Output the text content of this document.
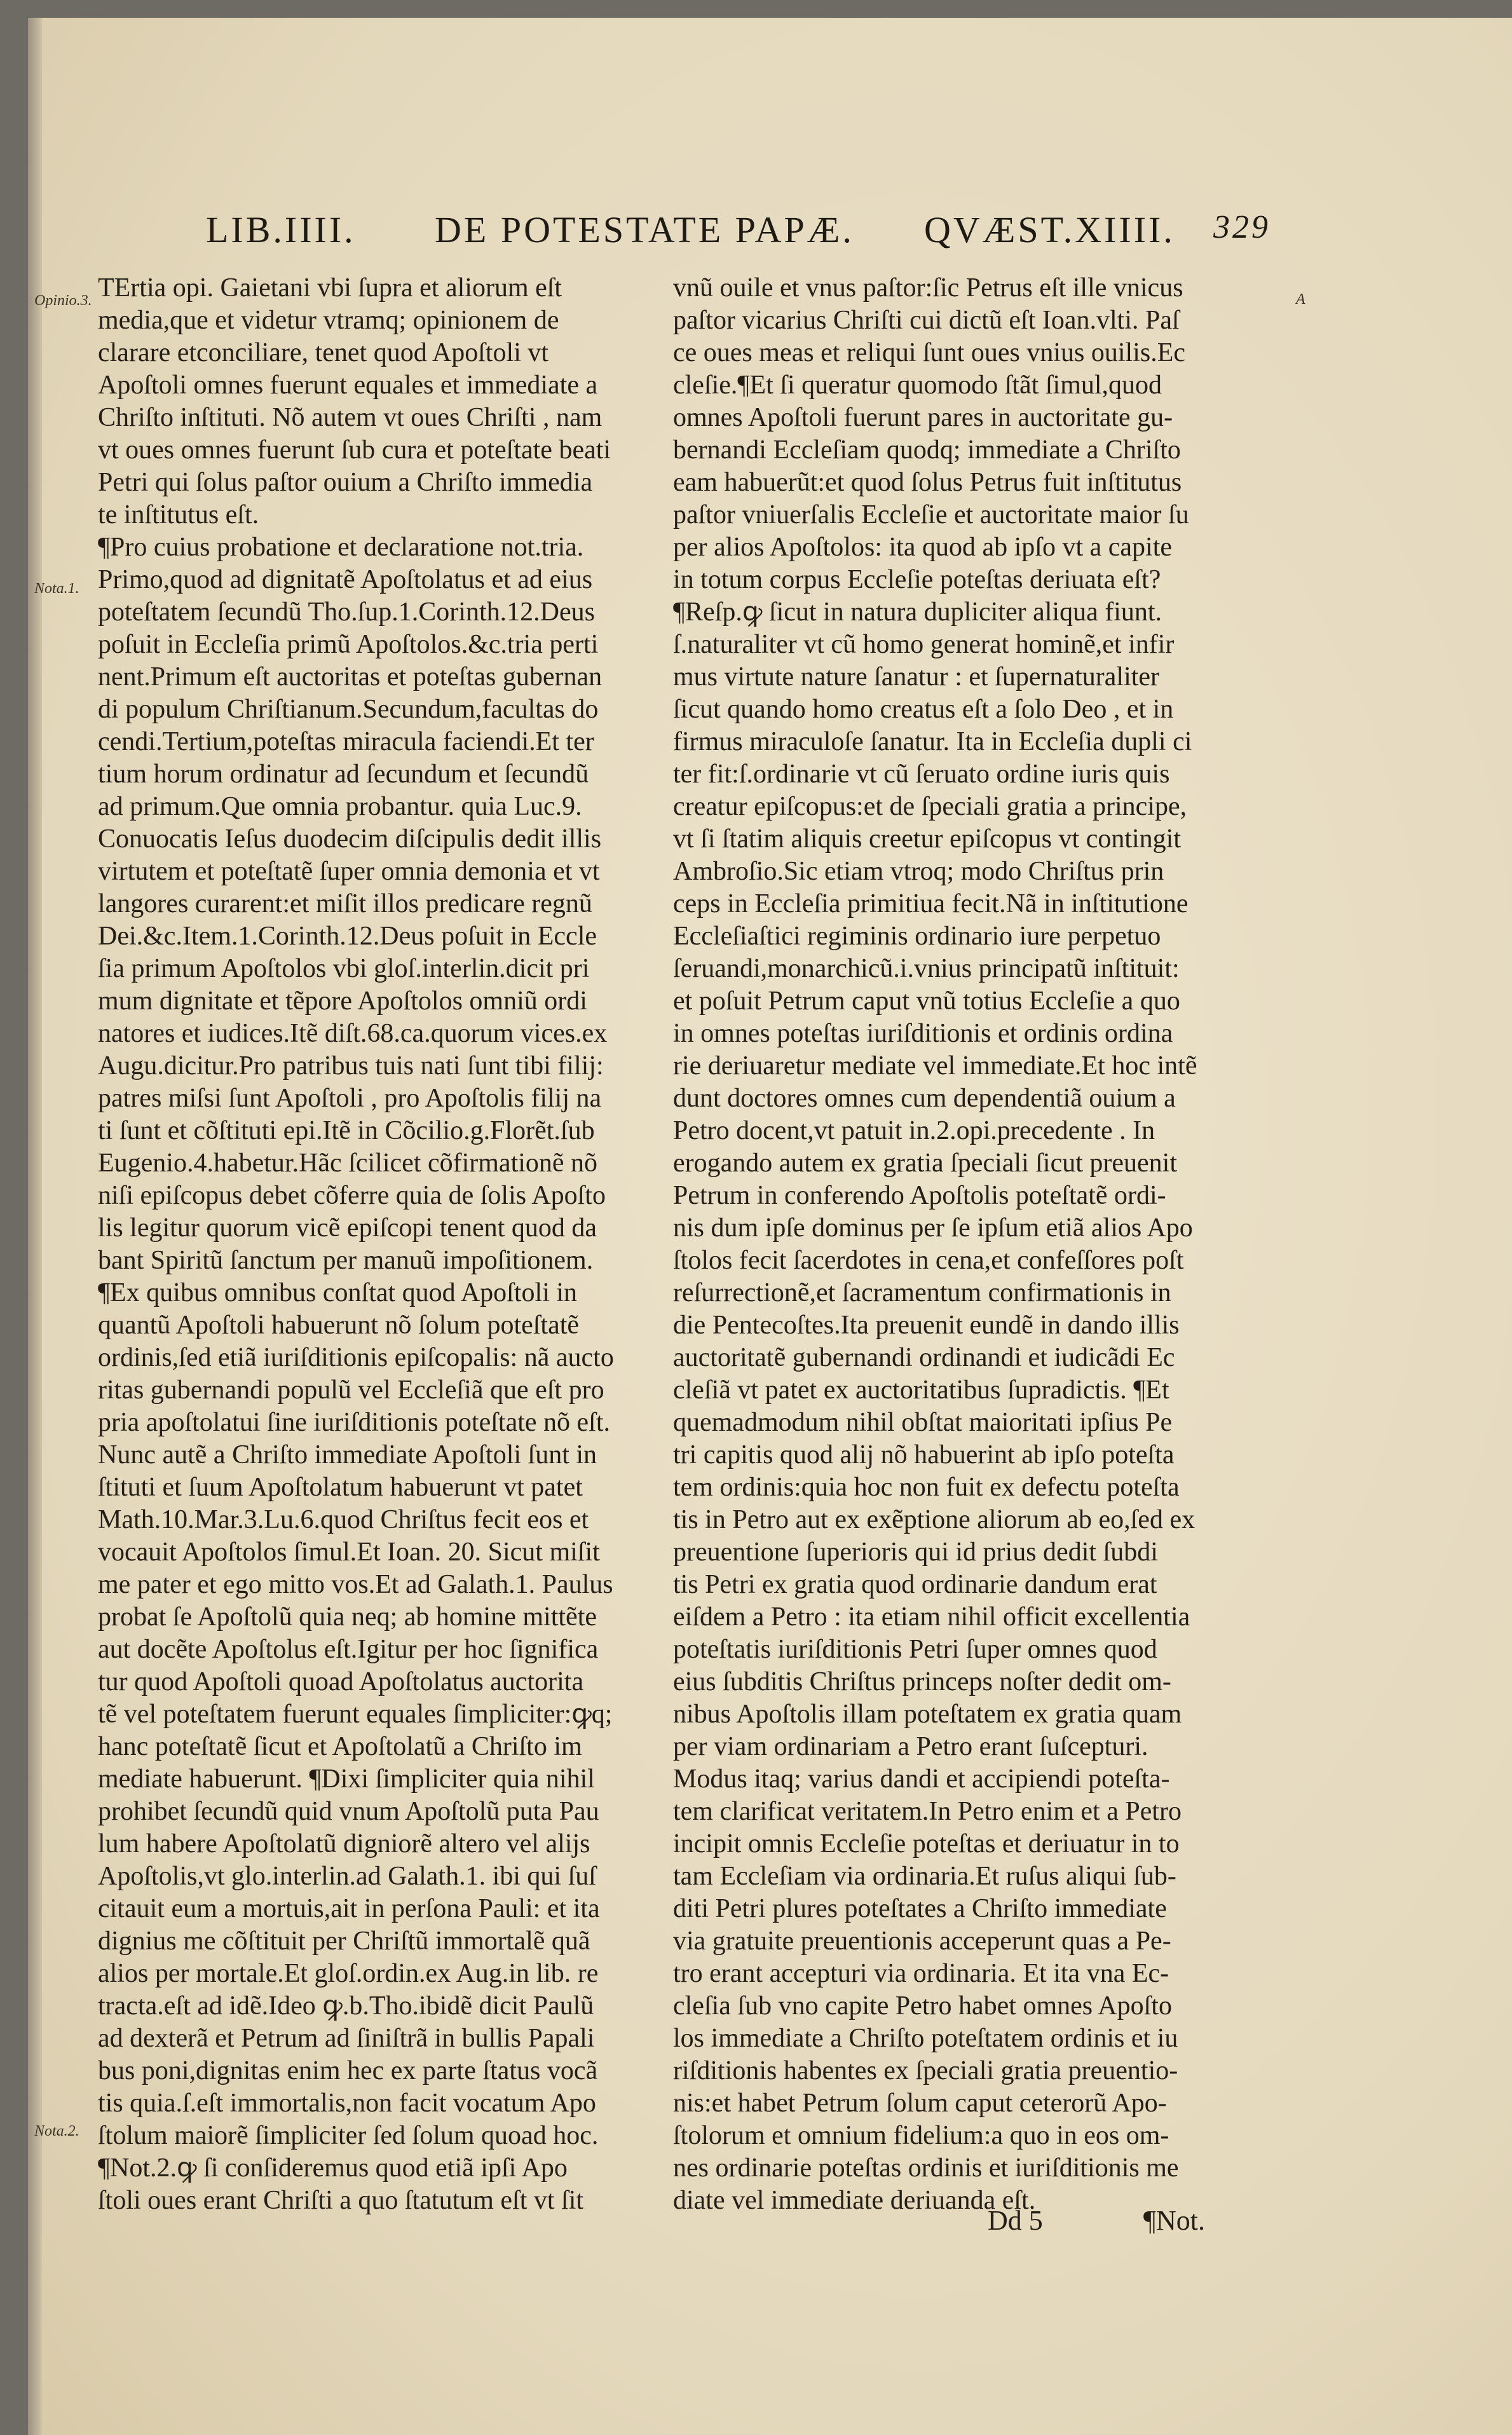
LIB.IIII. DE POTESTATE PAPÆ. QVÆST.XIIII. 329
Opinio.3.
Nota.1.
Nota.2.
A
TErtia opi. Gaietani vbi ſupra et aliorum eſt
media,que et videtur vtramq; opinionem de
clarare etconciliare, tenet quod Apoſtoli vt
Apoſtoli omnes fuerunt equales et immediate a
Chriſto inſtituti. Nõ autem vt oues Chriſti , nam
vt oues omnes fuerunt ſub cura et poteſtate beati
Petri qui ſolus paſtor ouium a Chriſto immedia
te inſtitutus eſt.
¶Pro cuius probatione et declaratione not.tria.
Primo,quod ad dignitatẽ Apoſtolatus et ad eius
poteſtatem ſecundũ Tho.ſup.1.Corinth.12.Deus
poſuit in Eccleſia primũ Apoſtolos.&c.tria perti
nent.Primum eſt auctoritas et poteſtas gubernan
di populum Chriſtianum.Secundum,facultas do
cendi.Tertium,poteſtas miracula faciendi.Et ter
tium horum ordinatur ad ſecundum et ſecundũ
ad primum.Que omnia probantur. quia Luc.9.
Conuocatis Ieſus duodecim diſcipulis dedit illis
virtutem et poteſtatẽ ſuper omnia demonia et vt
langores curarent:et miſit illos predicare regnũ
Dei.&c.Item.1.Corinth.12.Deus poſuit in Eccle
ſia primum Apoſtolos vbi gloſ.interlin.dicit pri
mum dignitate et tẽpore Apoſtolos omniũ ordi
natores et iudices.Itẽ diſt.68.ca.quorum vices.ex
Augu.dicitur.Pro patribus tuis nati ſunt tibi filij:
patres miſsi ſunt Apoſtoli , pro Apoſtolis filij na
ti ſunt et cõſtituti epi.Itẽ in Cõcilio.g.Florẽt.ſub
Eugenio.4.habetur.Hãc ſcilicet cõfirmationẽ nõ
niſi epiſcopus debet cõferre quia de ſolis Apoſto
lis legitur quorum vicẽ epiſcopi tenent quod da
bant Spiritũ ſanctum per manuũ impoſitionem.
¶Ex quibus omnibus conſtat quod Apoſtoli in
quantũ Apoſtoli habuerunt nõ ſolum poteſtatẽ
ordinis,ſed etiã iuriſditionis epiſcopalis: nã aucto
ritas gubernandi populũ vel Eccleſiã que eſt pro
pria apoſtolatui ſine iuriſditionis poteſtate nõ eſt.
Nunc autẽ a Chriſto immediate Apoſtoli ſunt in
ſtituti et ſuum Apoſtolatum habuerunt vt patet
Math.10.Mar.3.Lu.6.quod Chriſtus fecit eos et
vocauit Apoſtolos ſimul.Et Ioan. 20. Sicut miſit
me pater et ego mitto vos.Et ad Galath.1. Paulus
probat ſe Apoſtolũ quia neq; ab homine mittẽte
aut docẽte Apoſtolus eſt.Igitur per hoc ſignifica
tur quod Apoſtoli quoad Apoſtolatus auctorita
tẽ vel poteſtatem fuerunt equales ſimpliciter:ꝙq;
hanc poteſtatẽ ſicut et Apoſtolatũ a Chriſto im
mediate habuerunt. ¶Dixi ſimpliciter quia nihil
prohibet ſecundũ quid vnum Apoſtolũ puta Pau
lum habere Apoſtolatũ digniorẽ altero vel alijs
Apoſtolis,vt glo.interlin.ad Galath.1. ibi qui ſuſ
citauit eum a mortuis,ait in perſona Pauli: et ita
dignius me cõſtituit per Chriſtũ immortalẽ quã
alios per mortale.Et gloſ.ordin.ex Aug.in lib. re
tracta.eſt ad idẽ.Ideo ꝙ.b.Tho.ibidẽ dicit Paulũ
ad dexterã et Petrum ad ſiniſtrã in bullis Papali
bus poni,dignitas enim hec ex parte ſtatus vocã
tis quia.ſ.eſt immortalis,non facit vocatum Apo
ſtolum maiorẽ ſimpliciter ſed ſolum quoad hoc.
¶Not.2.ꝙ ſi conſideremus quod etiã ipſi Apo
ſtoli oues erant Chriſti a quo ſtatutum eſt vt ſit
vnũ ouile et vnus paſtor:ſic Petrus eſt ille vnicus
paſtor vicarius Chriſti cui dictũ eſt Ioan.vlti. Paſ
ce oues meas et reliqui ſunt oues vnius ouilis.Ec
cleſie.¶Et ſi queratur quomodo ſtãt ſimul,quod
omnes Apoſtoli fuerunt pares in auctoritate gu-
bernandi Eccleſiam quodq; immediate a Chriſto
eam habuerũt:et quod ſolus Petrus fuit inſtitutus
paſtor vniuerſalis Eccleſie et auctoritate maior ſu
per alios Apoſtolos: ita quod ab ipſo vt a capite
in totum corpus Eccleſie poteſtas deriuata eſt?
¶Reſp.ꝙ ſicut in natura dupliciter aliqua fiunt.
ſ.naturaliter vt cũ homo generat hominẽ,et infir
mus virtute nature ſanatur : et ſupernaturaliter
ſicut quando homo creatus eſt a ſolo Deo , et in
firmus miraculoſe ſanatur. Ita in Eccleſia dupli ci
ter fit:ſ.ordinarie vt cũ ſeruato ordine iuris quis
creatur epiſcopus:et de ſpeciali gratia a principe,
vt ſi ſtatim aliquis creetur epiſcopus vt contingit
Ambroſio.Sic etiam vtroq; modo Chriſtus prin
ceps in Eccleſia primitiua fecit.Nã in inſtitutione
Eccleſiaſtici regiminis ordinario iure perpetuo
ſeruandi,monarchicũ.i.vnius principatũ inſtituit:
et poſuit Petrum caput vnũ totius Eccleſie a quo
in omnes poteſtas iuriſditionis et ordinis ordina
rie deriuaretur mediate vel immediate.Et hoc intẽ
dunt doctores omnes cum dependentiã ouium a
Petro docent,vt patuit in.2.opi.precedente . In
erogando autem ex gratia ſpeciali ſicut preuenit
Petrum in conferendo Apoſtolis poteſtatẽ ordi-
nis dum ipſe dominus per ſe ipſum etiã alios Apo
ſtolos fecit ſacerdotes in cena,et confeſſores poſt
reſurrectionẽ,et ſacramentum confirmationis in
die Pentecoſtes.Ita preuenit eundẽ in dando illis
auctoritatẽ gubernandi ordinandi et iudicãdi Ec
cleſiã vt patet ex auctoritatibus ſupradictis. ¶Et
quemadmodum nihil obſtat maioritati ipſius Pe
tri capitis quod alij nõ habuerint ab ipſo poteſta
tem ordinis:quia hoc non fuit ex defectu poteſta
tis in Petro aut ex exẽptione aliorum ab eo,ſed ex
preuentione ſuperioris qui id prius dedit ſubdi
tis Petri ex gratia quod ordinarie dandum erat
eiſdem a Petro : ita etiam nihil officit excellentia
poteſtatis iuriſditionis Petri ſuper omnes quod
eius ſubditis Chriſtus princeps noſter dedit om-
nibus Apoſtolis illam poteſtatem ex gratia quam
per viam ordinariam a Petro erant ſuſcepturi.
Modus itaq; varius dandi et accipiendi poteſta-
tem clarificat veritatem.In Petro enim et a Petro
incipit omnis Eccleſie poteſtas et deriuatur in to
tam Eccleſiam via ordinaria.Et ruſus aliqui ſub-
diti Petri plures poteſtates a Chriſto immediate
via gratuite preuentionis acceperunt quas a Pe-
tro erant accepturi via ordinaria. Et ita vna Ec-
cleſia ſub vno capite Petro habet omnes Apoſto
los immediate a Chriſto poteſtatem ordinis et iu
riſditionis habentes ex ſpeciali gratia preuentio-
nis:et habet Petrum ſolum caput ceterorũ Apo-
ſtolorum et omnium fidelium:a quo in eos om-
nes ordinarie poteſtas ordinis et iuriſditionis me
diate vel immediate deriuanda eſt.
Dd 5	¶Not.
